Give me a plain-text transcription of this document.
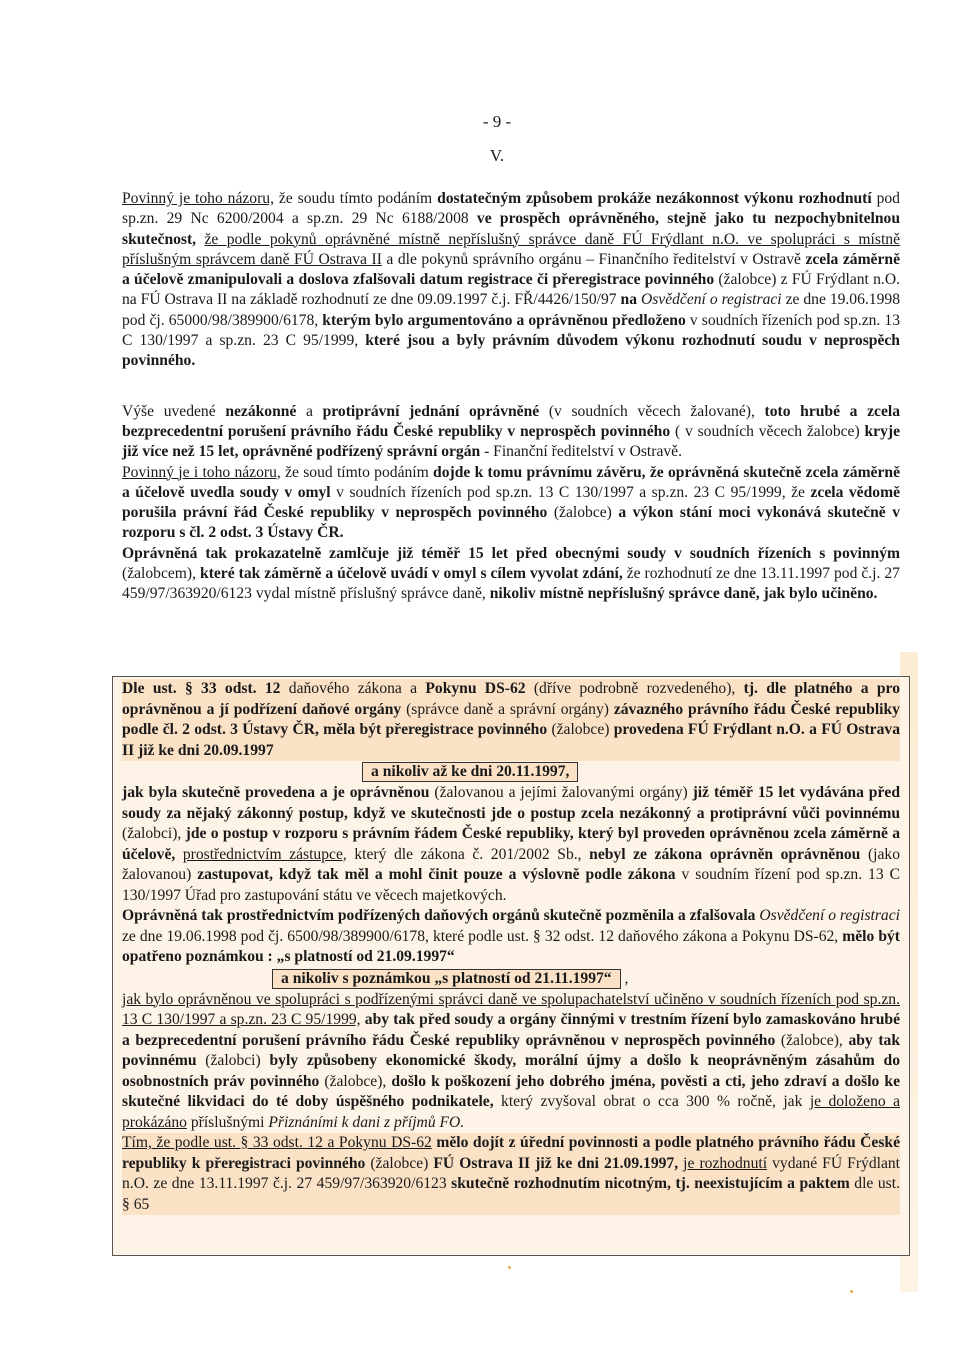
- 9 -
V.

Povinný je toho názoru, že soudu tímto podáním dostatečným způsobem prokáže nezákonnost výkonu rozhodnutí pod sp.zn. 29 Nc 6200/2004 a sp.zn. 29 Nc 6188/2008 ve prospěch oprávněného, stejně jako tu nezpochybnitelnou skutečnost, že podle pokynů oprávněné místně nepříslušný správce daně FÚ Frýdlant n.O. ve spolupráci s místně příslušným správcem daně FÚ Ostrava II a dle pokynů správního orgánu – Finančního ředitelství v Ostravě zcela záměrně a účelově zmanipulovali a doslova zfalšovali datum registrace či přeregistrace povinného (žalobce) z FÚ Frýdlant n.O. na FÚ Ostrava II na základě rozhodnutí ze dne 09.09.1997 č.j. FŘ/4426/150/97 na Osvědčení o registraci ze dne 19.06.1998 pod čj. 65000/98/389900/6178, kterým bylo argumentováno a oprávněnou předloženo v soudních řízeních pod sp.zn. 13 C 130/1997 a sp.zn. 23 C 95/1999, které jsou a byly právním důvodem výkonu rozhodnutí soudu v neprospěch povinného.

Výše uvedené nezákonné a protiprávní jednání oprávněné (v soudních věcech žalované), toto hrubé a zcela bezprecedentní porušení právního řádu České republiky v neprospěch povinného ( v soudních věcech žalobce) kryje již více než 15 let, oprávněné podřízený správní orgán - Finanční ředitelství v Ostravě.

Povinný je i toho názoru, že soud tímto podáním dojde k tomu právnímu závěru, že oprávněná skutečně zcela záměrně a účelově uvedla soudy v omyl v soudních řízeních pod sp.zn. 13 C 130/1997 a sp.zn. 23 C 95/1999, že zcela vědomě porušila právní řád České republiky v neprospěch povinného (žalobce) a výkon stání moci vykonává skutečně v rozporu s čl. 2 odst. 3 Ústavy ČR.

Oprávněná tak prokazatelně zamlčuje již téměř 15 let před obecnými soudy v soudních řízeních s povinným (žalobcem), které tak záměrně a účelově uvádí v omyl s cílem vyvolat zdání, že rozhodnutí ze dne 13.11.1997 pod č.j. 27 459/97/363920/6123 vydal místně příslušný správce daně, nikoliv místně nepříslušný správce daně, jak bylo učiněno.

Dle ust. § 33 odst. 12 daňového zákona a Pokynu DS-62 (dříve podrobně rozvedeného), tj. dle platného a pro oprávněnou a jí podřízení daňové orgány (správce daně a správní orgány) závazného právního řádu České republiky podle čl. 2 odst. 3 Ústavy ČR, měla být přeregistrace povinného (žalobce) provedena FÚ Frýdlant n.O. a FÚ Ostrava II již ke dni 20.09.1997

a nikoliv až ke dni 20.11.1997,

jak byla skutečně provedena a je oprávněnou (žalovanou a jejími žalovanými orgány) již téměř 15 let vydávána před soudy za nějaký zákonný postup, když ve skutečnosti jde o postup zcela nezákonný a protiprávní vůči povinnému (žalobci), jde o postup v rozporu s právním řádem České republiky, který byl proveden oprávněnou zcela záměrně a účelově, prostřednictvím zástupce, který dle zákona č. 201/2002 Sb., nebyl ze zákona oprávněn oprávněnou (jako žalovanou) zastupovat, když tak měl a mohl činit pouze a výslovně podle zákona v soudním řízení pod sp.zn. 13 C 130/1997 Úřad pro zastupování státu ve věcech majetkových.

Oprávněná tak prostřednictvím podřízených daňových orgánů skutečně pozměnila a zfalšovala Osvědčení o registraci ze dne 19.06.1998 pod čj. 6500/98/389900/6178, které podle ust. § 32 odst. 12 daňového zákona a Pokynu DS-62, mělo být opatřeno poznámkou : „s platností od 21.09.1997“

a nikoliv s poznámkou „s platností od 21.11.1997“ ,

jak bylo oprávněnou ve spolupráci s podřízenými správci daně ve spolupachatelství učiněno v soudních řízeních pod sp.zn. 13 C 130/1997 a sp.zn. 23 C 95/1999, aby tak před soudy a orgány činnými v trestním řízení bylo zamaskováno hrubé a bezprecedentní porušení právního řádu České republiky oprávněnou v neprospěch povinného (žalobce), aby tak povinnému (žalobci) byly způsobeny ekonomické škody, morální újmy a došlo k neoprávněným zásahům do osobnostních práv povinného (žalobce), došlo k poškození jeho dobrého jména, pověsti a cti, jeho zdraví a došlo ke skutečné likvidaci do té doby úspěšného podnikatele, který zvyšoval obrat o cca 300 % ročně, jak je doloženo a prokázáno příslušnými Přiznáními k dani z příjmů FO.

Tím, že podle ust. § 33 odst. 12 a Pokynu DS-62 mělo dojít z úřední povinnosti a podle platného právního řádu České republiky k přeregistraci povinného (žalobce) FÚ Ostrava II již ke dni 21.09.1997, je rozhodnutí vydané FÚ Frýdlant n.O. ze dne 13.11.1997 č.j. 27 459/97/363920/6123 skutečně rozhodnutím nicotným, tj. neexistujícím a paktem dle ust. § 65
